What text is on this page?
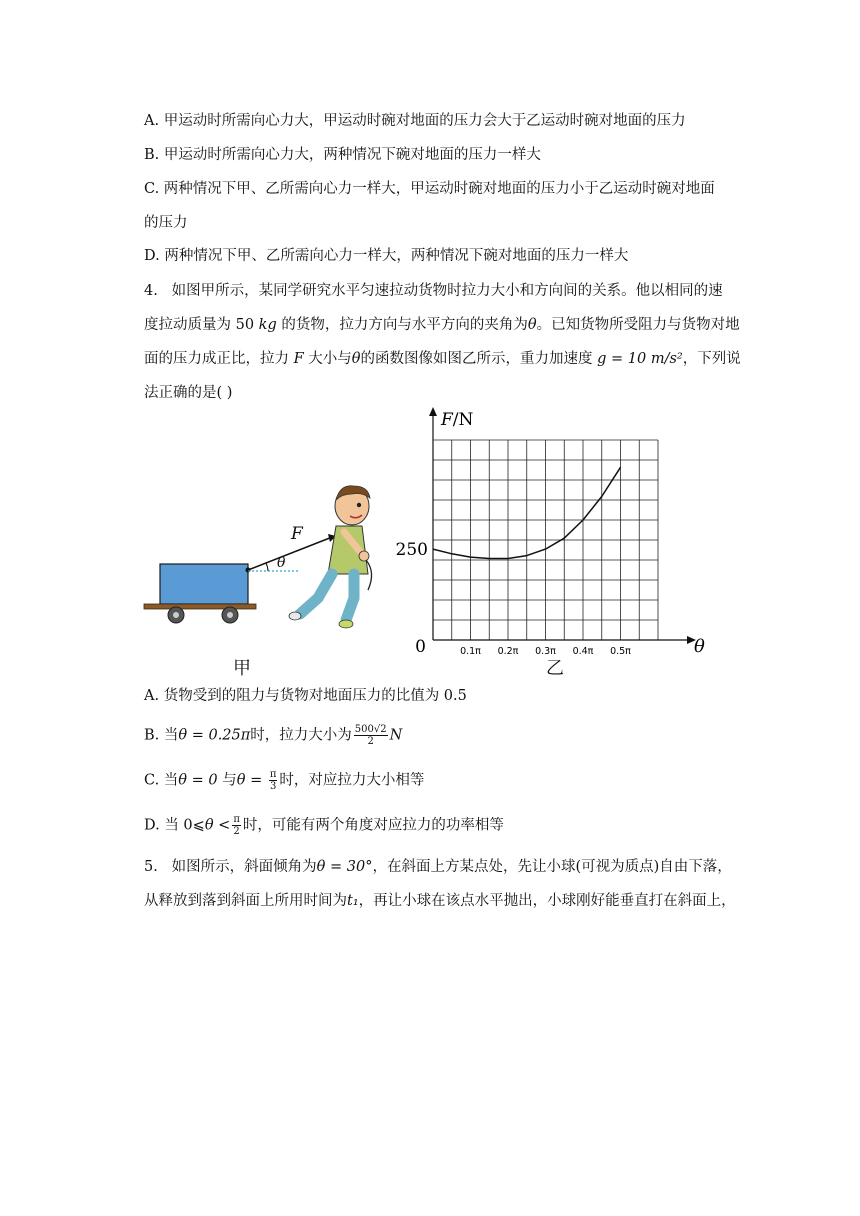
A. 甲运动时所需向心力大，甲运动时碗对地面的压力会大于乙运动时碗对地面的压力
B. 甲运动时所需向心力大，两种情况下碗对地面的压力一样大
C. 两种情况下甲、乙所需向心力一样大，甲运动时碗对地面的压力小于乙运动时碗对地面
的压力
D. 两种情况下甲、乙所需向心力一样大，两种情况下碗对地面的压力一样大
4. 如图甲所示，某同学研究水平匀速拉动货物时拉力大小和方向间的关系。他以相同的速
度拉动质量为 50 kg 的货物，拉力方向与水平方向的夹角为θ。已知货物所受阻力与货物对地
面的压力成正比，拉力 F 大小与θ的函数图像如图乙所示，重力加速度 g = 10 m/s²，下列说
法正确的是( )
F
θ
甲
F/N
θ
0
250
0.1π 0.2π 0.3π 0.4π 0.5π
乙
A. 货物受到的阻力与货物对地面压力的比值为 0.5
B. 当θ = 0.25π时，拉力大小为 $\frac{500√2}{2}$ N
C. 当θ = 0 与$\theta = \frac{\pi}{3}$ 时，对应拉力大小相等
D. 当 0⩽θ < $\frac{\pi}{2}$ 时，可能有两个角度对应拉力的功率相等
5. 如图所示，斜面倾角为θ = 30°，在斜面上方某点处，先让小球(可视为质点)自由下落，
从释放到落到斜面上所用时间为t₁，再让小球在该点水平抛出，小球刚好能垂直打在斜面上，
